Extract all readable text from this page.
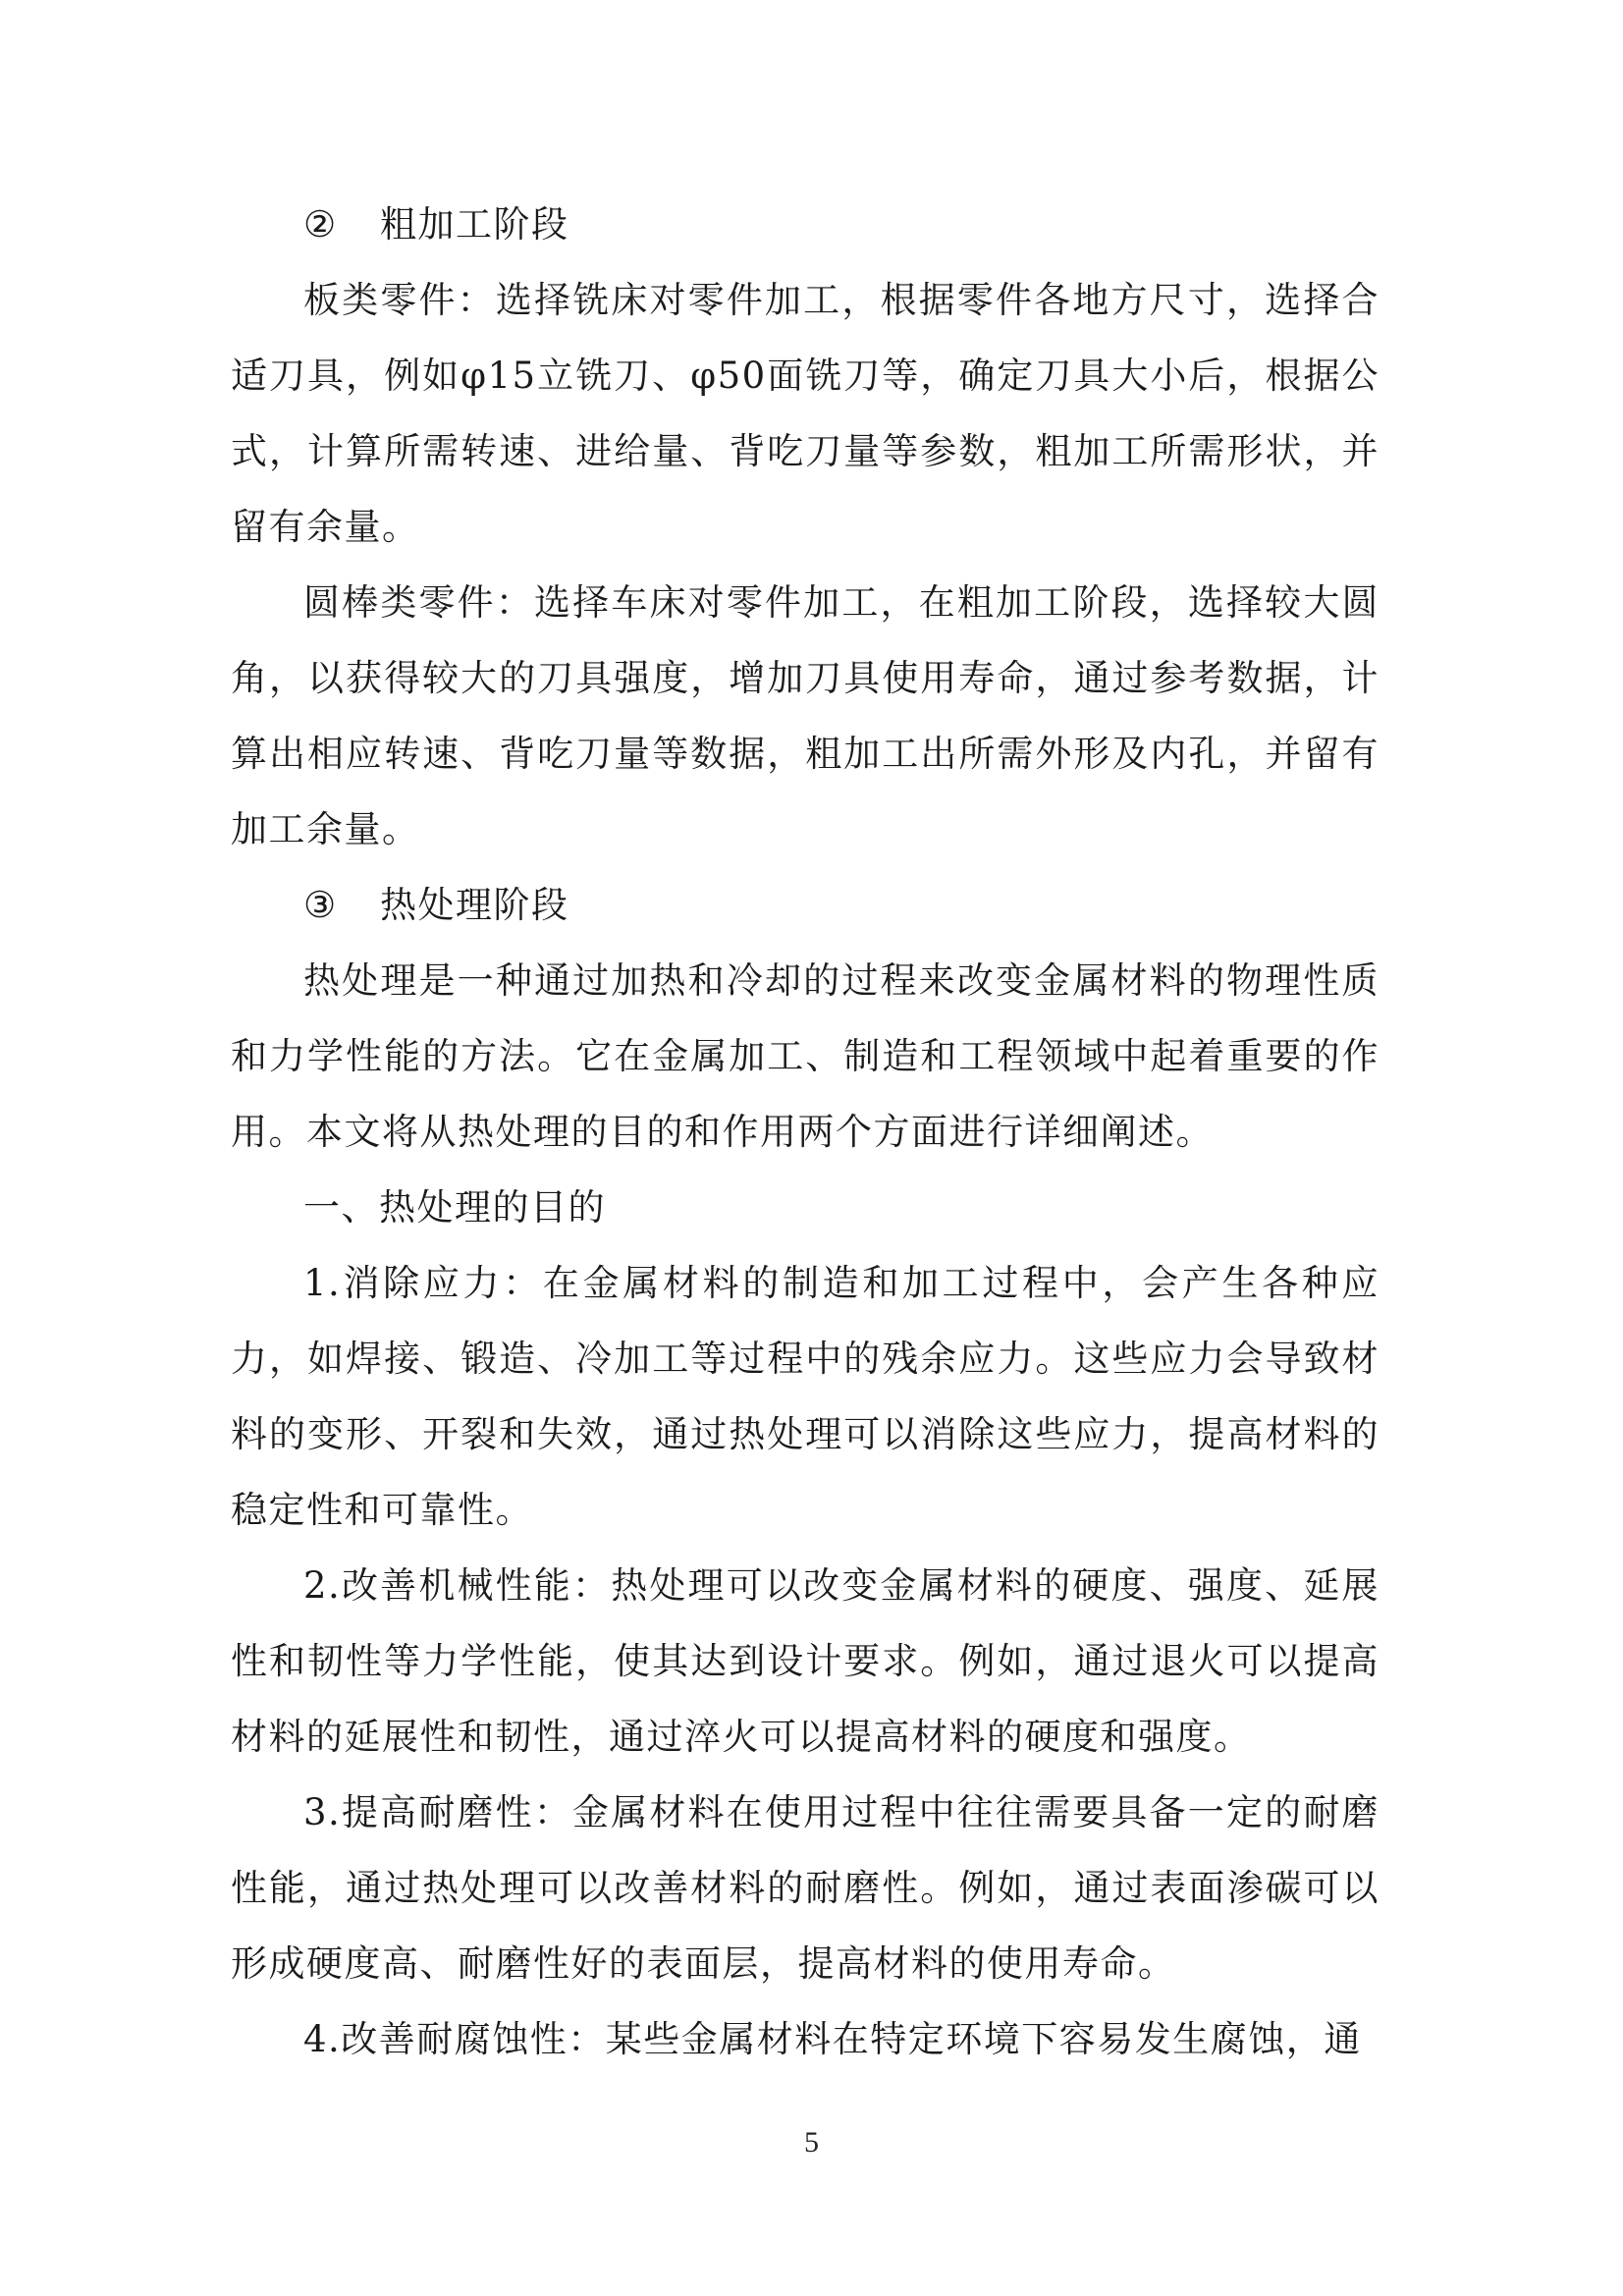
② 粗加工阶段

板类零件：选择铣床对零件加工，根据零件各地方尺寸，选择合适刀具，例如φ15立铣刀、φ50面铣刀等，确定刀具大小后，根据公式，计算所需转速、进给量、背吃刀量等参数，粗加工所需形状，并留有余量。

圆棒类零件：选择车床对零件加工，在粗加工阶段，选择较大圆角，以获得较大的刀具强度，增加刀具使用寿命，通过参考数据，计算出相应转速、背吃刀量等数据，粗加工出所需外形及内孔，并留有加工余量。

③ 热处理阶段

热处理是一种通过加热和冷却的过程来改变金属材料的物理性质和力学性能的方法。它在金属加工、制造和工程领域中起着重要的作用。本文将从热处理的目的和作用两个方面进行详细阐述。

一、热处理的目的

1.消除应力：在金属材料的制造和加工过程中，会产生各种应力，如焊接、锻造、冷加工等过程中的残余应力。这些应力会导致材料的变形、开裂和失效，通过热处理可以消除这些应力，提高材料的稳定性和可靠性。

2.改善机械性能：热处理可以改变金属材料的硬度、强度、延展性和韧性等力学性能，使其达到设计要求。例如，通过退火可以提高材料的延展性和韧性，通过淬火可以提高材料的硬度和强度。

3.提高耐磨性：金属材料在使用过程中往往需要具备一定的耐磨性能，通过热处理可以改善材料的耐磨性。例如，通过表面渗碳可以形成硬度高、耐磨性好的表面层，提高材料的使用寿命。

4.改善耐腐蚀性：某些金属材料在特定环境下容易发生腐蚀，通

5
